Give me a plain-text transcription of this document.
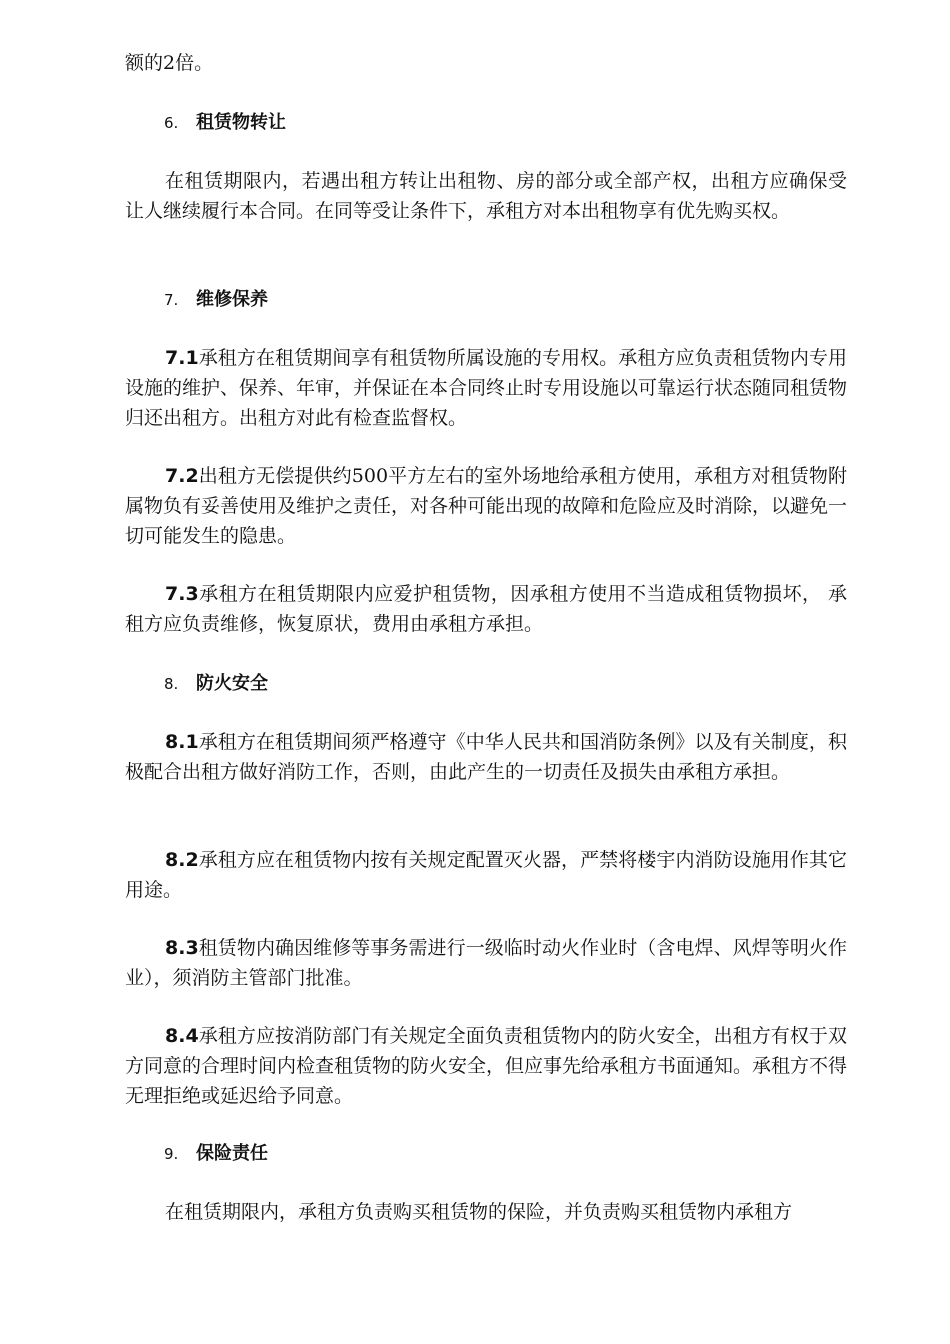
额的2倍。
6. 租赁物转让
在租赁期限内，若遇出租方转让出租物、房的部分或全部产权，出租方应确保受让人继续履行本合同。在同等受让条件下，承租方对本出租物享有优先购买权。
7. 维修保养
7.1承租方在租赁期间享有租赁物所属设施的专用权。承租方应负责租赁物内专用设施的维护、保养、年审，并保证在本合同终止时专用设施以可靠运行状态随同租赁物归还出租方。出租方对此有检查监督权。
7.2出租方无偿提供约500平方左右的室外场地给承租方使用，承租方对租赁物附属物负有妥善使用及维护之责任，对各种可能出现的故障和危险应及时消除，以避免一切可能发生的隐患。
7.3承租方在租赁期限内应爱护租赁物，因承租方使用不当造成租赁物损坏， 承租方应负责维修，恢复原状，费用由承租方承担。
8. 防火安全
8.1承租方在租赁期间须严格遵守《中华人民共和国消防条例》以及有关制度，积极配合出租方做好消防工作，否则，由此产生的一切责任及损失由承租方承担。
8.2承租方应在租赁物内按有关规定配置灭火器，严禁将楼宇内消防设施用作其它用途。
8.3租赁物内确因维修等事务需进行一级临时动火作业时（含电焊、风焊等明火作业），须消防主管部门批准。
8.4承租方应按消防部门有关规定全面负责租赁物内的防火安全，出租方有权于双方同意的合理时间内检查租赁物的防火安全，但应事先给承租方书面通知。承租方不得无理拒绝或延迟给予同意。
9. 保险责任
在租赁期限内，承租方负责购买租赁物的保险，并负责购买租赁物内承租方
